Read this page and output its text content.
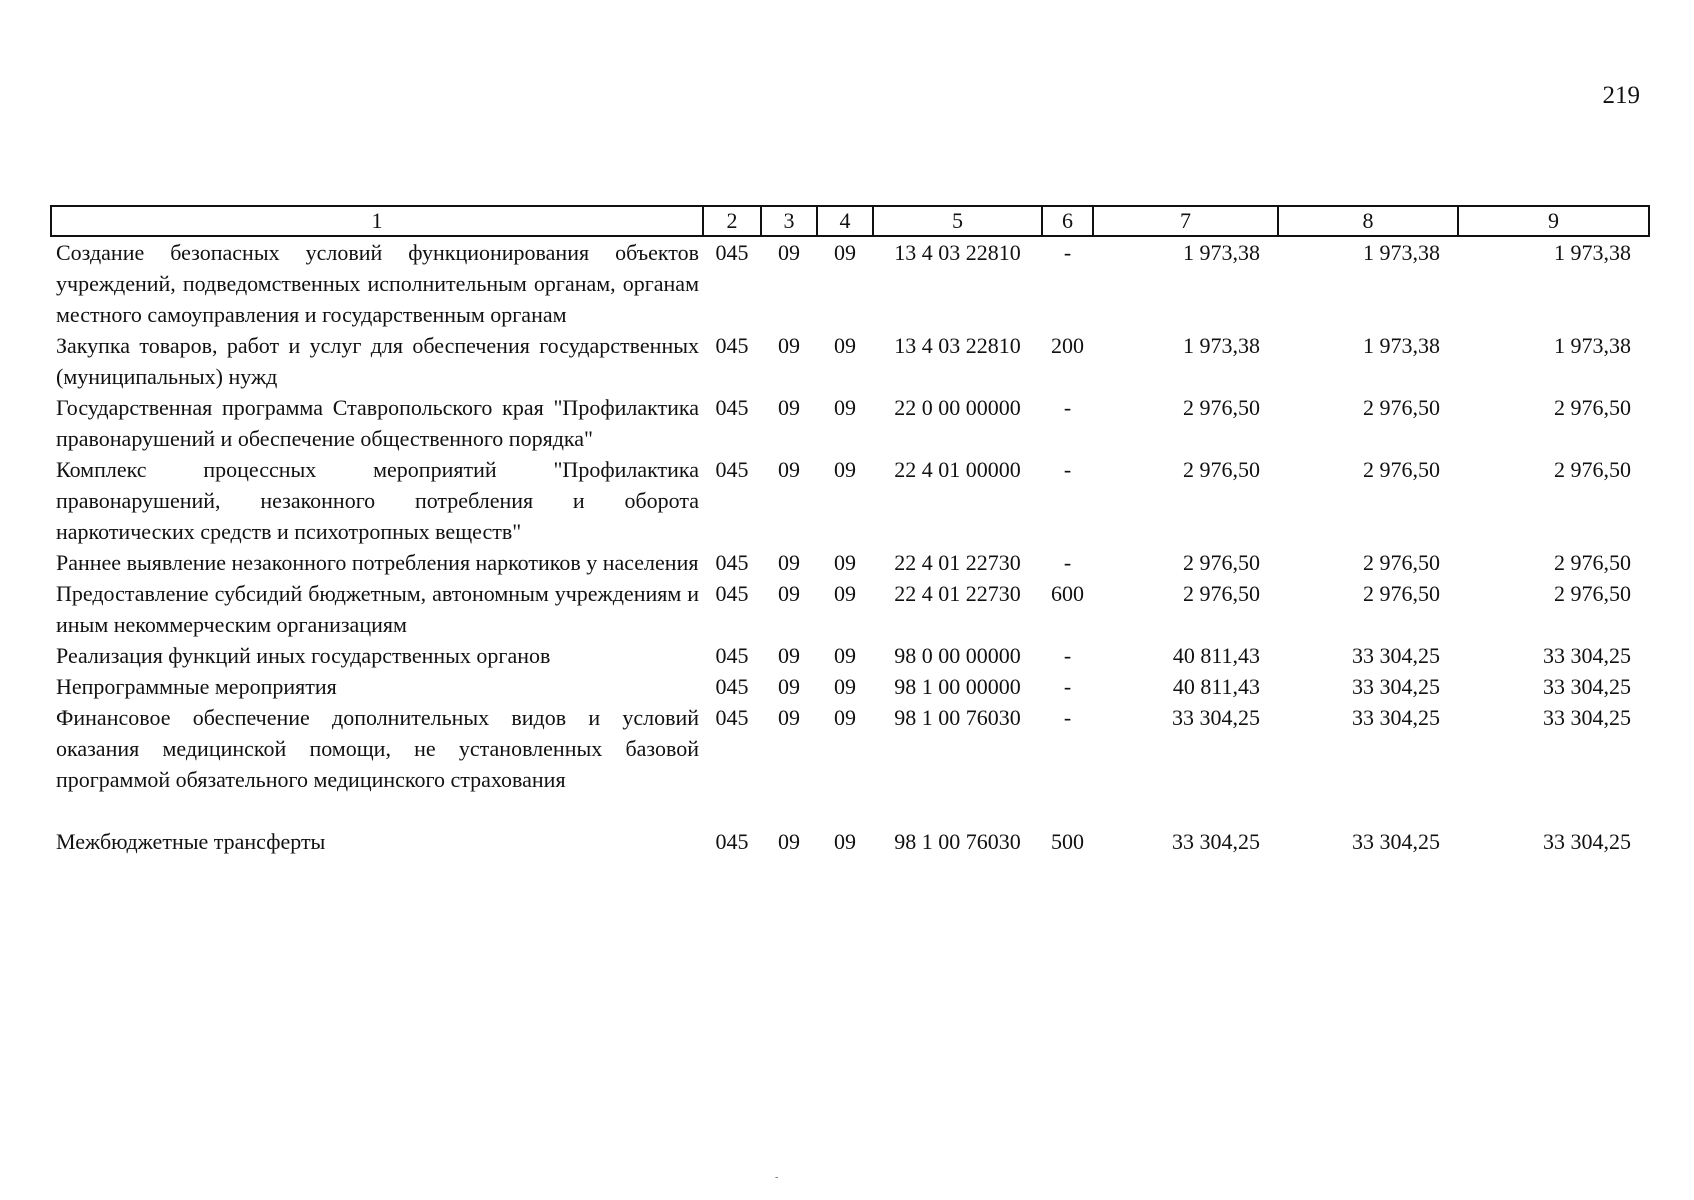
219
1	2	3	4	5	6	7	8	9
Создание безопасных условий функционирования объектов учреждений, подведомственных исполнительным органам, органам местного самоуправления и государственным органам	045	09	09	13 4 03 22810	-	1 973,38	1 973,38	1 973,38
Закупка товаров, работ и услуг для обеспечения государственных (муниципальных) нужд	045	09	09	13 4 03 22810	200	1 973,38	1 973,38	1 973,38
Государственная программа Ставропольского края "Профилактика правонарушений и обеспечение общественного порядка"	045	09	09	22 0 00 00000	-	2 976,50	2 976,50	2 976,50
Комплекс процессных мероприятий "Профилактика правонарушений, незаконного потребления и оборота наркотических средств и психотропных веществ"	045	09	09	22 4 01 00000	-	2 976,50	2 976,50	2 976,50
Раннее выявление незаконного потребления наркотиков у населения	045	09	09	22 4 01 22730	-	2 976,50	2 976,50	2 976,50
Предоставление субсидий бюджетным, автономным учреждениям и иным некоммерческим организациям	045	09	09	22 4 01 22730	600	2 976,50	2 976,50	2 976,50
Реализация функций иных государственных органов	045	09	09	98 0 00 00000	-	40 811,43	33 304,25	33 304,25
Непрограммные мероприятия	045	09	09	98 1 00 00000	-	40 811,43	33 304,25	33 304,25
Финансовое обеспечение дополнительных видов и условий оказания медицинской помощи, не установленных базовой программой обязательного медицинского страхования	045	09	09	98 1 00 76030	-	33 304,25	33 304,25	33 304,25
Межбюджетные трансферты	045	09	09	98 1 00 76030	500	33 304,25	33 304,25	33 304,25
-
